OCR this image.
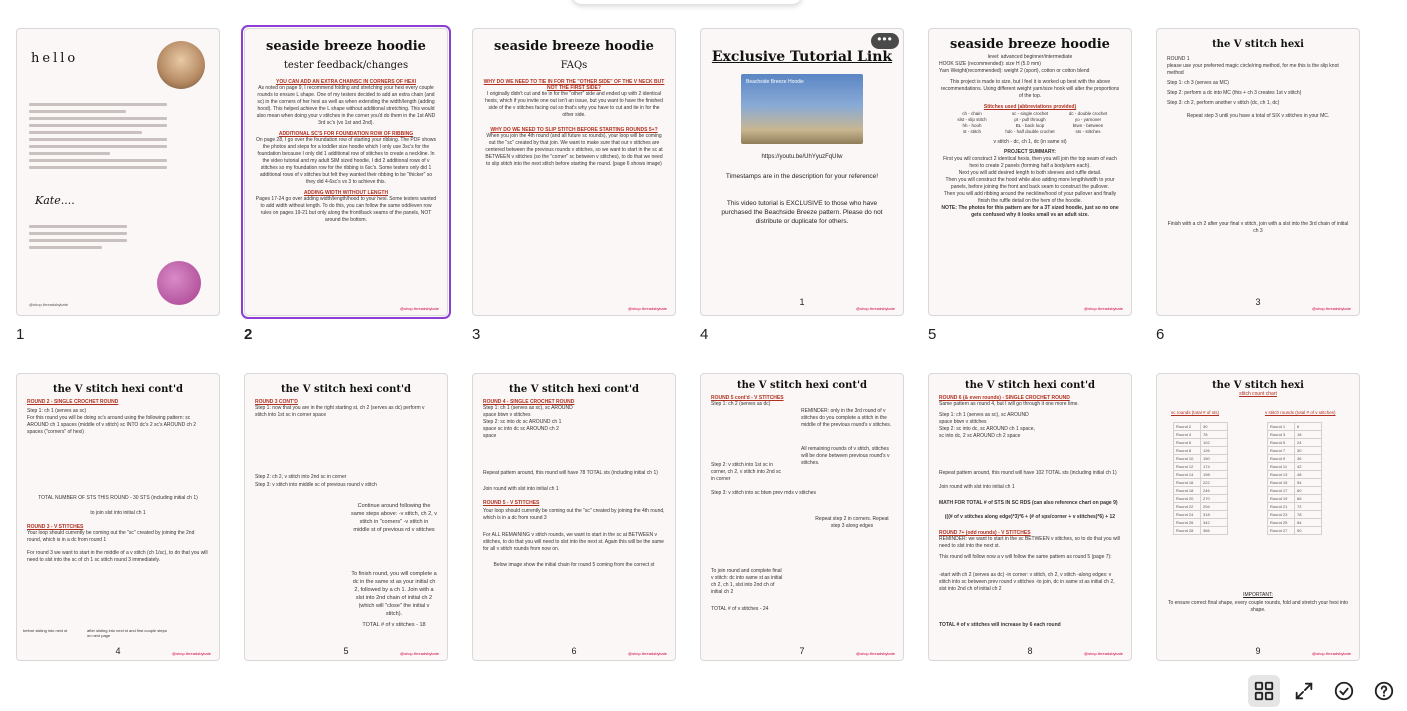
hello
Kate....
@shop.threadsbykate
1
seaside breeze hoodie
tester feedback/changes
YOU CAN ADD AN EXTRA CHAINSC IN CORNERS OF HEXI
As noted on page 9, I recommend folding and stretching your hexi every couple rounds to ensure L shape. One of my testers decided to add an extra chain (and sc) in the corners of her hexi as well as when extending the width/length (adding hood). This helped achieve the L shape without additional stretching. This would also mean when doing your v stitches in the corner you'd do them in the 1st AND 3rd sc's (vs 1st and 2nd).
ADDITIONAL SC'S FOR FOUNDATION ROW OF RIBBING
On page 28, I go over the foundation row of starting your ribbing. The PDF shows the photos and steps for a toddler size hoodie which I only use 3sc's for the foundation because I only did 1 additional row of stitches to create a neckline. In the video tutorial and my adult SIM sized hoodie, I did 2 additional rows of v stitches so my foundation row for the ribbing is 6sc's. Some testers only did 1 additional rows of v stitches but felt they wanted their ribbing to be "thicker" so they did 4-6sc's vs 3 to achieve this.
ADDING WIDTH WITHOUT LENGTH
Pages 17-24 go over adding width/length/hood to your hexi. Some testers wanted to add width without length. To do this, you can follow the same odd/even row rules on pages 19-21 but only along the front/back seams of the panels, NOT around the bottom.
@shop.threadsbykate
2
seaside breeze hoodie
FAQs
WHY DO WE NEED TO TIE IN FOR THE "OTHER SIDE" OF THE V NECK BUT NOT THE FIRST SIDE?
I originally didn't cut and tie in for the "other" side and ended up with 2 identical hexis, which if you invite one out isn't an issue, but you want to have the finished side of the v stitches facing out so that's why you have to cut and tie in for the other side.
WHY DO WE NEED TO SLIP STITCH BEFORE STARTING ROUNDS 5+?
When you join the 4th round (and all future sc rounds), your loop will be coming out the "sc" created by that join. We want to make sure that our v stitches are centered between the previous rounds v stitches, so we want to start in the sc at BETWEEN v stitches (so the "corner" sc between v stitches), to do that we need to slip stitch into the next stitch before starting the round. (page 6 shows image)
@shop.threadsbykate
3
Exclusive Tutorial Link
Beachside Breeze Hoodie
https://youtu.be/UhYyuzFqUIw
Timestamps are in the description for your reference!
This video tutorial is EXCLUSIVE to those who have purchased the Beachside Breeze pattern. Please do not distribute or duplicate for others.
1
@shop.threadsbykate
•••
4
seaside breeze hoodie
level: advanced beginner/intermediate
HOOK SIZE (recommended): size H (5.0 mm)
Yarn Weight(recommended): weight 2 (sport), cotton or cotton blend
This project is made to size, but I feel it is worked up best with the above recommendations. Using different weight yarn/size hook will alter the proportions of the top.
Stitches used (abbreviations provided)
ch - chain	sc - single crochet	dc - double crochet
slst - slip stitch	pt - pull through	yo - yarnover
hh - hooh	BL - back loop	btwn - between
st - stitch	hdc - half double crochet	sts - stitches
v stitch - dc, ch 1, dc (in same st)
PROJECT SUMMARY:
First you will construct 2 identical hexis, then you will join the top seam of each hexi to create 2 panels (forming half a body/arm each).
Next you will add desired length to both sleeves and ruffle detail.
Then you will construct the hood while also adding more length/width to your panels, before joining the front and back seam to construct the pullover.
Then you will add ribbing around the neckline/hood of your pullover and finally finish the ruffle detail on the hem of the hoodie.
NOTE: The photos for this pattern are for a 3T sized hoodie, just so no one gets confused why it looks small vs an adult size.
@shop.threadsbykate
5
the V stitch hexi
ROUND 1
please use your preferred magic circle/ring method, for me this is the slip knot method
Step 1: ch 3 (serves as MC)
Step 2: perform a dc into MC (this + ch 3 creates 1st v stitch)
Step 3: ch 2, perform another v stitch (dc, ch 1, dc)
Repeat step 3 until you have a total of SIX v stitches in your MC.
Finish with a ch 2 after your final v stitch, join with a slst into the 3rd chain of initial ch 3
3
@shop.threadsbykate
6
the V stitch hexi cont'd
ROUND 2 - SINGLE CROCHET ROUND
Step 1: ch 1 (serves as sc)
For this round you will be doing sc's around using the following pattern: sc AROUND ch 1 spaces (middle of v stitch) sc INTO dc's 2 sc's AROUND ch 2 spaces ("corners" of hexi)
TOTAL NUMBER OF STS THIS ROUND - 30 STS (including initial ch 1)
to join slst into initial ch 1
ROUND 3 - V STITCHES
Your loop should currently be coming out the "sc" created by joining the 2nd round, which is in a dc from round 1
For round 3 we want to start in the middle of a v stitch (ch 1/sc), to do that you will need to slst into the sc of ch 1 sc stitch round 3 immediately.
before slsting into next st	after slsting into next st and first couple steps on next page
4	@shop.threadsbykate
the V stitch hexi cont'd
ROUND 3 CONT'D
Step 1: now that you are in the right starting st, ch 2 (serves as dc) perform v stitch into 1st sc in corner space
Step 2: ch 2, v stitch into 2nd sc in corner
Step 3: v stitch into middle sc of previous round v stitch
Continue around following the same steps above: -v stitch, ch 2, v stitch in "corners" -v stitch in middle st of previous rd v stitches
To finish round, you will complete a dc in the same st as your initial ch 2, followed by a ch 1. Join with a slst into 2nd chain of initial ch 2 (which will "close" the initial v stitch).
TOTAL # of v stitches - 18
5	@shop.threadsbykate
the V stitch hexi cont'd
ROUND 4 - SINGLE CROCHET ROUND
Step 1: ch 1 (serves as sc), sc AROUND space btwn v stitches
Step 2: sc into dc sc AROUND ch 1 space sc into dc sc AROUND ch 2 space
Repeat pattern around, this round will have 78 TOTAL sts (including initial ch 1)
Join round with slst into initial ch 1
ROUND 5 - V STITCHES
Your loop should currently be coming out the "sc" created by joining the 4th round, which is in a dc from round 3
For ALL REMAINING v stitch rounds, we want to start in the sc at BETWEEN v stitches, to do that you will need to slst into the next st. Again this will be the same for all v stitch rounds from now on.
Below image show the initial chain for round 5 coming from the correct st
6	@shop.threadsbykate
the V stitch hexi cont'd
ROUND 5 cont'd - V STITCHES
Step 1: ch 2 (serves as dc)
REMINDER: only in the 3rd round of v stitches do you complete a stitch in the middle of the previous round's v stitches.
All remaining rounds of v stitch, stitches will be done between previous round's v stitches.
Step 2: v stitch into 1st sc in corner, ch 2, v stitch into 2nd sc in corner
Step 3: v stitch into sc btwn prev rnds v stitches
Repeat step 2 in corners. Repeat step 3 along edges
To join round and complete final v stitch: dc into same st as initial ch 2, ch 1, slst into 2nd ch of initial ch 2
TOTAL # of v stitches - 24
7	@shop.threadsbykate
the V stitch hexi cont'd
ROUND 6 (& even rounds) - SINGLE CROCHET ROUND
Same pattern as round 4, but I will go through it one more time.
Step 1: ch 1 (serves as sc), sc AROUND space btwn v stitches
Step 2: sc into dc, sc AROUND ch 1 space, sc into dc, 2 sc AROUND ch 2 space
Repeat pattern around, this round will have 102 TOTAL sts (including initial ch 1)
Join round with slst into initial ch 1
MATH FOR TOTAL # of STS IN SC RDS (can also reference chart on page 9)
(((# of v stitches along edge)*3)*6 + (# of sps/corner + v stitches)*6) + 12
ROUND 7+ (odd rounds) - V STITCHES
REMINDER: we want to start in the sc BETWEEN v stitches, so to do that you will need to slst into the next st.
This round will follow now a v will follow the same pattern as round 5 (page 7):
-start with ch 2 (serves as dc) -in corner: v stitch, ch 2, v stitch -along edges: v stitch into sc between prev round v stitches -to join, dc in same st as initial ch 2, slst into 2nd ch of initial ch 2
TOTAL # of v stitches will increase by 6 each round
8	@shop.threadsbykate
the V stitch hexi
stitch count chart
sc rounds (total # of sts)	v stitch rounds (total # of v stitches)
Round 2	30
Round 4	78
Round 6	102
Round 8	126
Round 10	150
Round 12	174
Round 14	198
Round 16	222
Round 18	246
Round 20	270
Round 22	294
Round 24	318
Round 26	342
Round 28	366
Round 1	6
Round 3	18
Round 5	24
Round 7	30
Round 9	36
Round 11	42
Round 13	48
Round 15	54
Round 17	60
Round 19	66
Round 21	72
Round 23	78
Round 25	84
Round 27	90
IMPORTANT:
To ensure correct final shape, every couple rounds, fold and stretch your hexi into shape.
9	@shop.threadsbykate
